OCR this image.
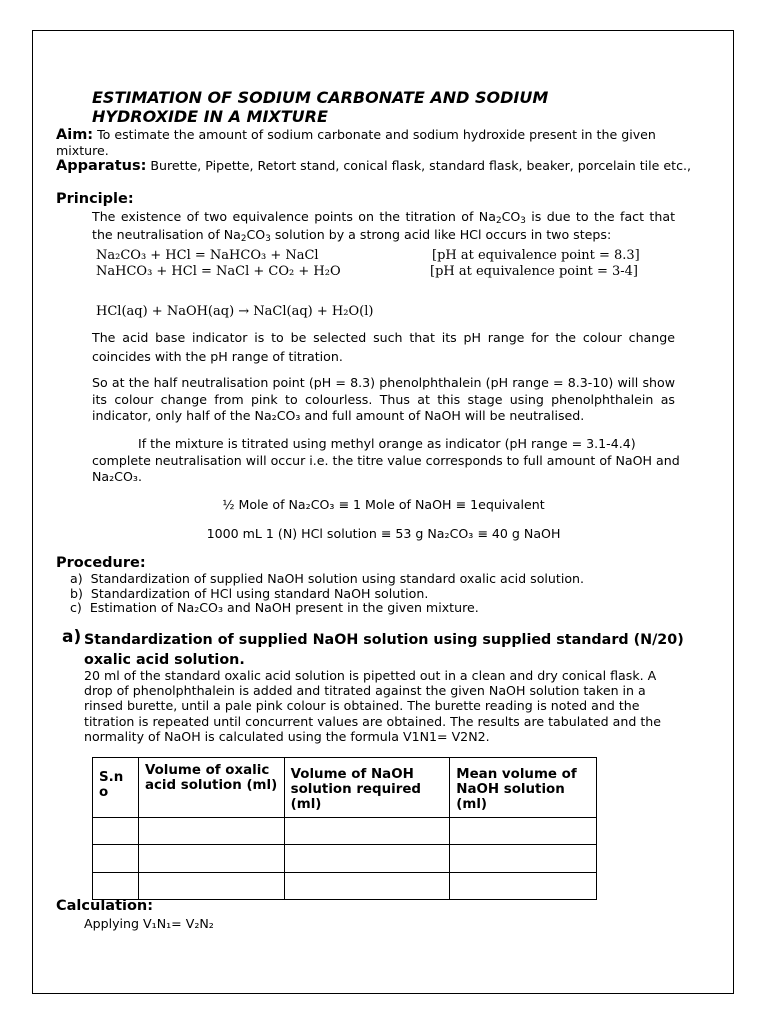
ESTIMATION OF SODIUM CARBONATE AND SODIUM HYDROXIDE IN A MIXTURE
Aim: To estimate the amount of sodium carbonate and sodium hydroxide present in the given mixture.
Apparatus: Burette, Pipette, Retort stand, conical flask, standard flask, beaker, porcelain tile etc.,
Principle:
The existence of two equivalence points on the titration of $Na_2CO_3$ is due to the fact that the neutralisation of $Na_2CO_3$ solution by a strong acid like HCl occurs in two steps:
Na₂CO₃ + HCl = NaHCO₃ + NaCl	[pH at equivalence point = 8.3]
NaHCO₃ + HCl = NaCl + CO₂ + H₂O	[pH at equivalence point = 3-4]
HCl(aq) + NaOH(aq) → NaCl(aq) + H₂O(l)
The acid base indicator is to be selected such that its pH range for the colour change coincides with the pH range of titration.
So at the half neutralisation point (pH = 8.3) phenolphthalein (pH range = 8.3-10) will show its colour change from pink to colourless. Thus at this stage using phenolphthalein as indicator, only half of the Na₂CO₃ and full amount of NaOH will be neutralised.
If the mixture is titrated using methyl orange as indicator (pH range = 3.1-4.4) complete neutralisation will occur i.e. the titre value corresponds to full amount of NaOH and Na₂CO₃.
½ Mole of Na₂CO₃ ≡ 1 Mole of NaOH ≡ 1equivalent
1000 mL 1 (N) HCl solution ≡ 53 g Na₂CO₃ ≡ 40 g NaOH
Procedure:
a)  Standardization of supplied NaOH solution using standard oxalic acid solution.
b)  Standardization of HCl using standard NaOH solution.
c)  Estimation of Na₂CO₃ and NaOH present in the given mixture.
a) Standardization of supplied NaOH solution using supplied standard (N/20) oxalic acid solution.
20 ml of the standard oxalic acid solution is pipetted out in a clean and dry conical flask. A drop of phenolphthalein is added and titrated against the given NaOH solution taken in a rinsed burette, until a pale pink colour is obtained. The burette reading is noted and the titration is repeated until concurrent values are obtained. The results are tabulated and the normality of NaOH is calculated using the formula V1N1= V2N2.
S.n o	Volume of oxalic acid solution (ml)	Volume of NaOH solution required (ml)	Mean volume of NaOH solution (ml)

Calculation:
Applying V₁N₁= V₂N₂
